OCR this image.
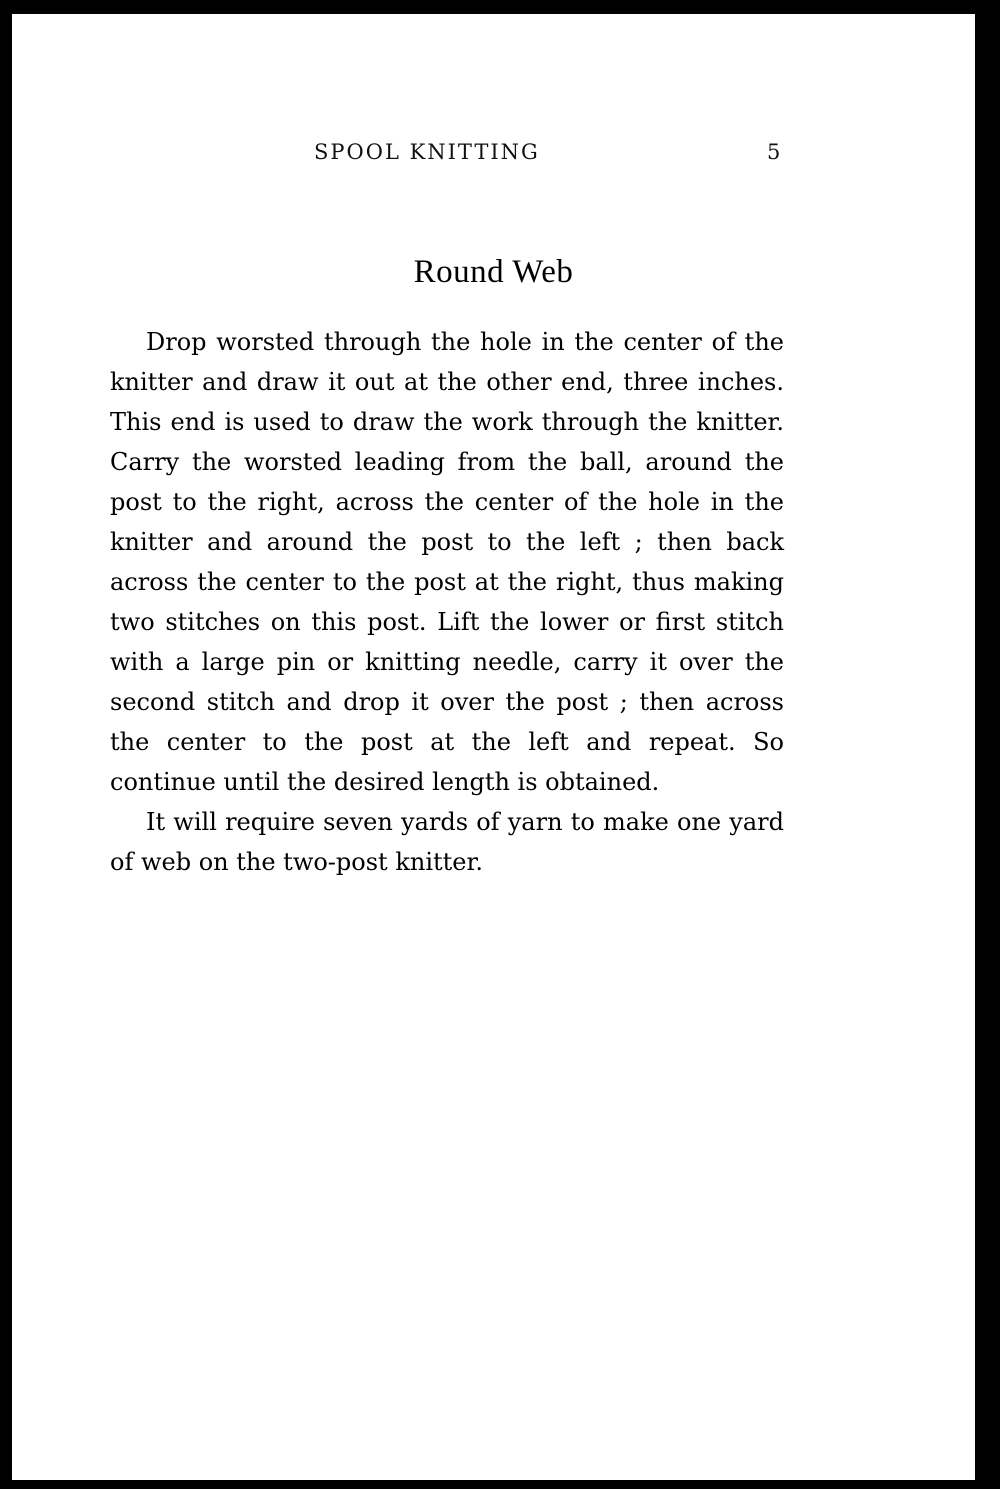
SPOOL KNITTING	5
Round Web

Drop worsted through the hole in the center of the knitter and draw it out at the other end, three inches. This end is used to draw the work through the knitter. Carry the worsted leading from the ball, around the post to the right, across the center of the hole in the knitter and around the post to the left ; then back across the center to the post at the right, thus making two stitches on this post. Lift the lower or first stitch with a large pin or knitting needle, carry it over the second stitch and drop it over the post ; then across the center to the post at the left and repeat. So continue until the desired length is obtained.

It will require seven yards of yarn to make one yard of web on the two-post knitter.
